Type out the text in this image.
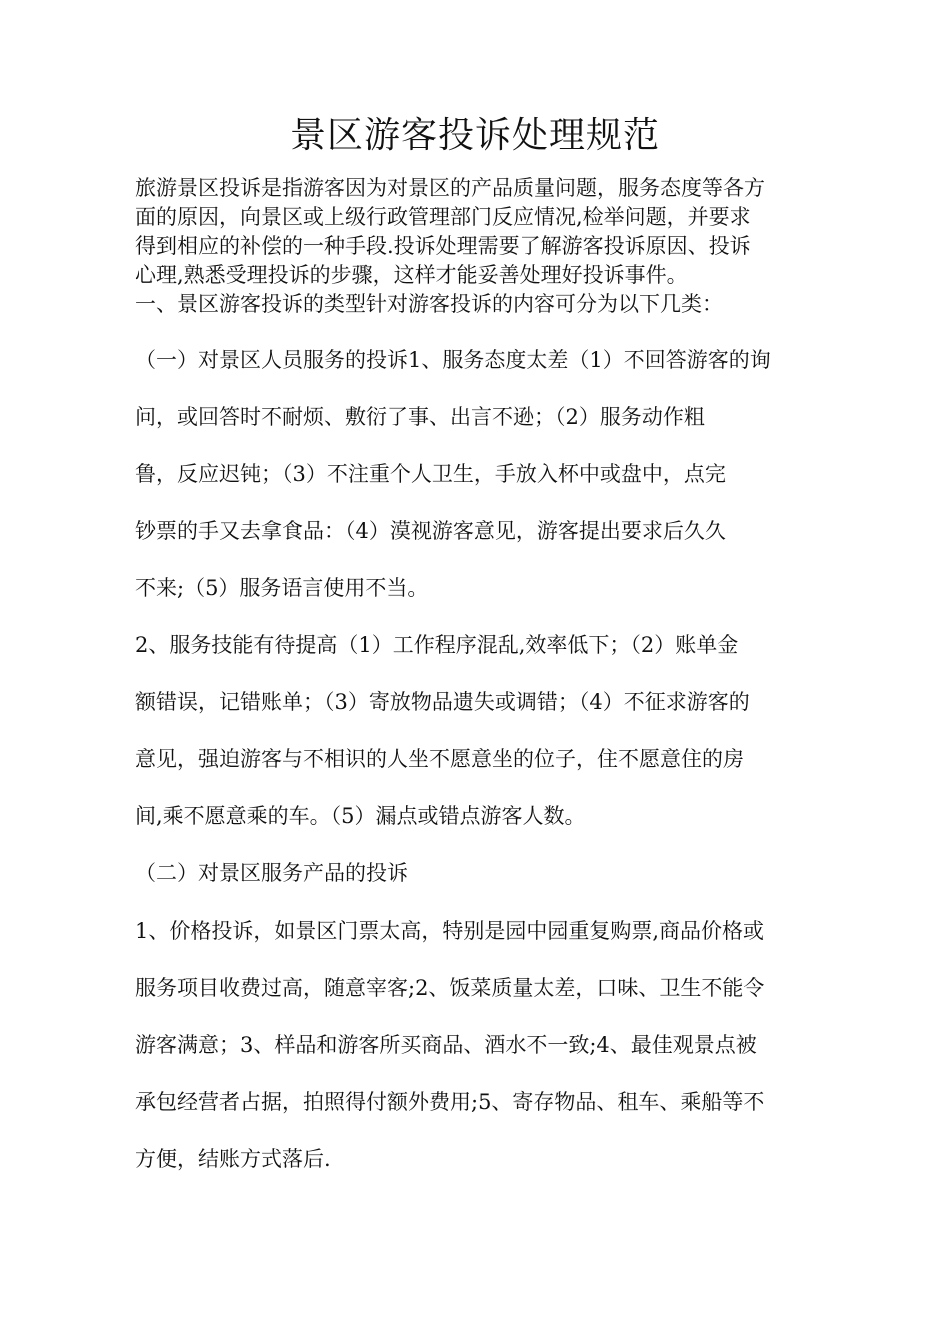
景区游客投诉处理规范
旅游景区投诉是指游客因为对景区的产品质量问题，服务态度等各方
面的原因，向景区或上级行政管理部门反应情况,检举问题，并要求
得到相应的补偿的一种手段.投诉处理需要了解游客投诉原因、投诉
心理,熟悉受理投诉的步骤，这样才能妥善处理好投诉事件。
一、景区游客投诉的类型针对游客投诉的内容可分为以下几类：
（一）对景区人员服务的投诉1、服务态度太差（1）不回答游客的询
问，或回答时不耐烦、敷衍了事、出言不逊；（2）服务动作粗
鲁，反应迟钝；（3）不注重个人卫生，手放入杯中或盘中，点完
钞票的手又去拿食品：（4）漠视游客意见，游客提出要求后久久
不来;（5）服务语言使用不当。
2、服务技能有待提高（1）工作程序混乱,效率低下；（2）账单金
额错误，记错账单；（3）寄放物品遗失或调错；（4）不征求游客的
意见，强迫游客与不相识的人坐不愿意坐的位子，住不愿意住的房
间,乘不愿意乘的车。（5）漏点或错点游客人数。
（二）对景区服务产品的投诉
1、价格投诉，如景区门票太高，特别是园中园重复购票,商品价格或
服务项目收费过高，随意宰客;2、饭菜质量太差，口味、卫生不能令
游客满意；3、样品和游客所买商品、酒水不一致;4、最佳观景点被
承包经营者占据，拍照得付额外费用;5、寄存物品、租车、乘船等不
方便，结账方式落后.
